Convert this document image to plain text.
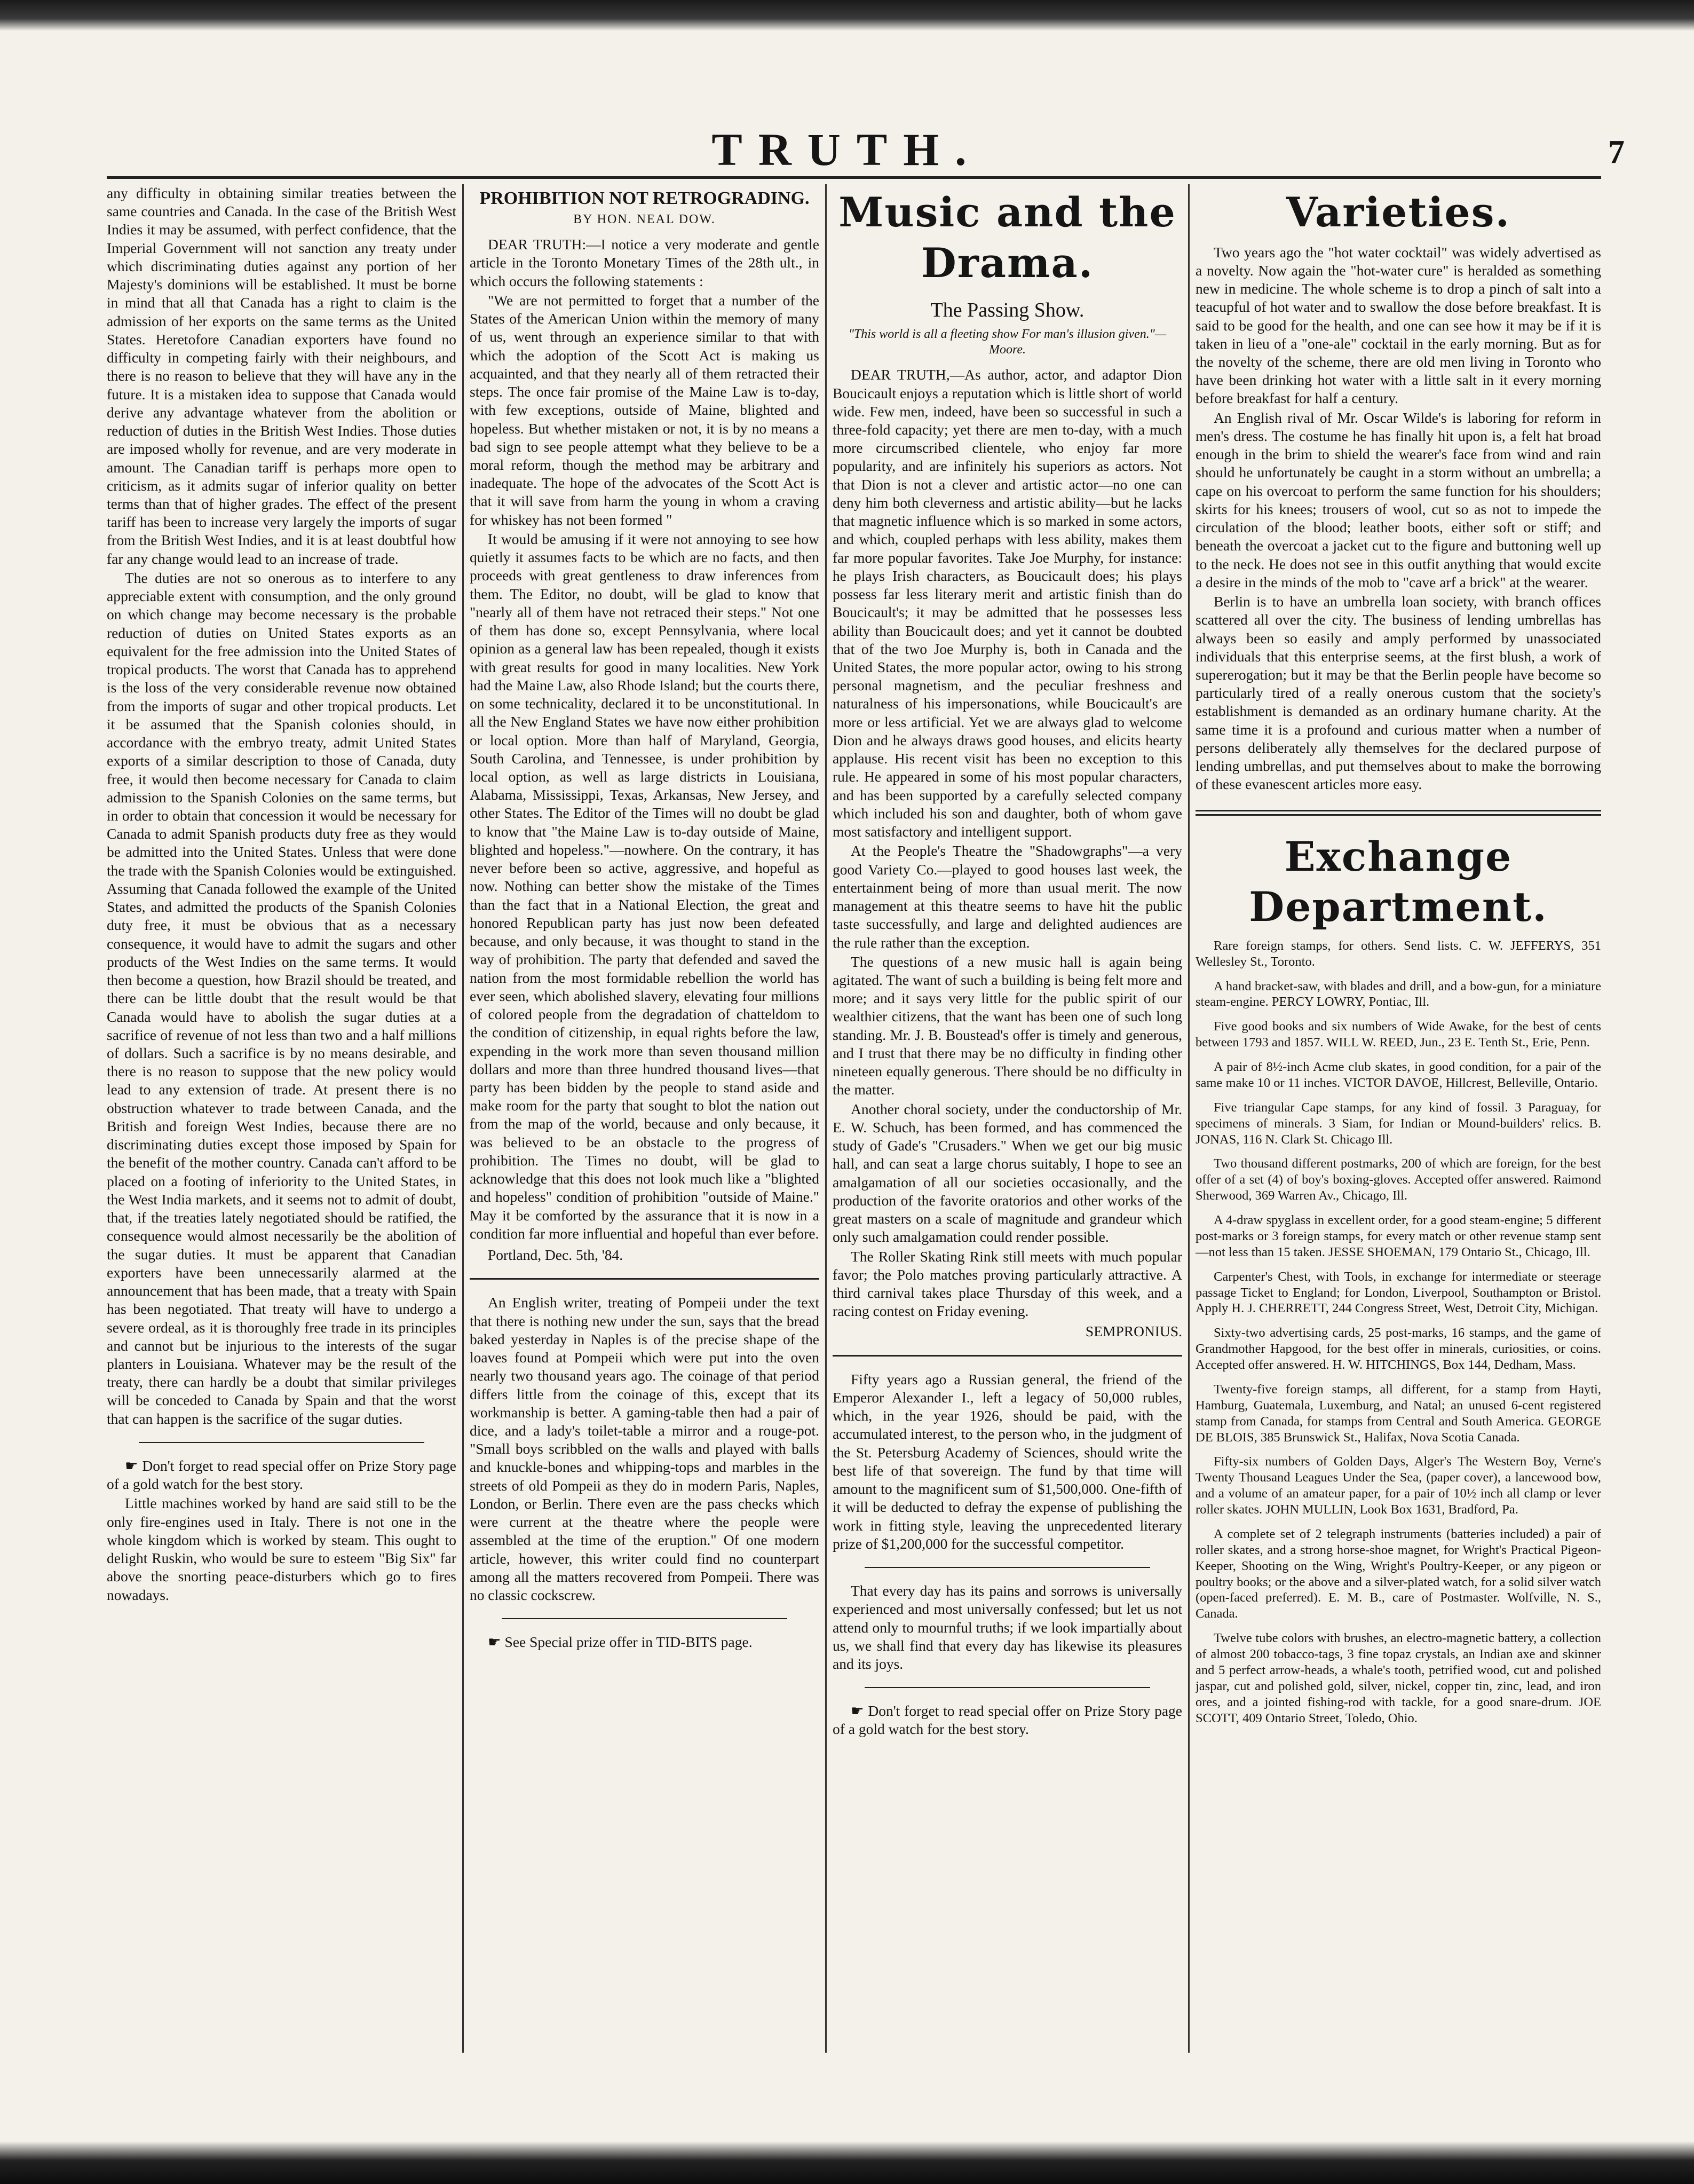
TRUTH.	7

any difficulty in obtaining similar treaties between the same countries and Canada. In the case of the British West Indies it may be assumed, with perfect confidence, that the Imperial Government will not sanction any treaty under which discriminating duties against any portion of her Majesty's dominions will be established. It must be borne in mind that all that Canada has a right to claim is the admission of her exports on the same terms as the United States. Heretofore Canadian exporters have found no difficulty in competing fairly with their neighbours, and there is no reason to believe that they will have any in the future. It is a mistaken idea to suppose that Canada would derive any advantage whatever from the abolition or reduction of duties in the British West Indies. Those duties are imposed wholly for revenue, and are very moderate in amount. The Canadian tariff is perhaps more open to criticism, as it admits sugar of inferior quality on better terms than that of higher grades. The effect of the present tariff has been to increase very largely the imports of sugar from the British West Indies, and it is at least doubtful how far any change would lead to an increase of trade.

The duties are not so onerous as to interfere to any appreciable extent with consumption, and the only ground on which change may become necessary is the probable reduction of duties on United States exports as an equivalent for the free admission into the United States of tropical products. The worst that Canada has to apprehend is the loss of the very considerable revenue now obtained from the imports of sugar and other tropical products. Let it be assumed that the Spanish colonies should, in accordance with the embryo treaty, admit United States exports of a similar description to those of Canada, duty free, it would then become necessary for Canada to claim admission to the Spanish Colonies on the same terms, but in order to obtain that concession it would be necessary for Canada to admit Spanish products duty free as they would be admitted into the United States. Unless that were done the trade with the Spanish Colonies would be extinguished. Assuming that Canada followed the example of the United States, and admitted the products of the Spanish Colonies duty free, it must be obvious that as a necessary consequence, it would have to admit the sugars and other products of the West Indies on the same terms. It would then become a question, how Brazil should be treated, and there can be little doubt that the result would be that Canada would have to abolish the sugar duties at a sacrifice of revenue of not less than two and a half millions of dollars. Such a sacrifice is by no means desirable, and there is no reason to suppose that the new policy would lead to any extension of trade. At present there is no obstruction whatever to trade between Canada, and the British and foreign West Indies, because there are no discriminating duties except those imposed by Spain for the benefit of the mother country. Canada can't afford to be placed on a footing of inferiority to the United States, in the West India markets, and it seems not to admit of doubt, that, if the treaties lately negotiated should be ratified, the consequence would almost necessarily be the abolition of the sugar duties. It must be apparent that Canadian exporters have been unnecessarily alarmed at the announcement that has been made, that a treaty with Spain has been negotiated. That treaty will have to undergo a severe ordeal, as it is thoroughly free trade in its principles and cannot but be injurious to the interests of the sugar planters in Louisiana. Whatever may be the result of the treaty, there can hardly be a doubt that similar privileges will be conceded to Canada by Spain and that the worst that can happen is the sacrifice of the sugar duties.

☛ Don't forget to read special offer on Prize Story page of a gold watch for the best story.

Little machines worked by hand are said still to be the only fire-engines used in Italy. There is not one in the whole kingdom which is worked by steam. This ought to delight Ruskin, who would be sure to esteem "Big Six" far above the snorting peace-disturbers which go to fires nowadays.

PROHIBITION NOT RETROGRADING.
BY HON. NEAL DOW.

DEAR TRUTH:—I notice a very moderate and gentle article in the Toronto Monetary Times of the 28th ult., in which occurs the following statements :

"We are not permitted to forget that a number of the States of the American Union within the memory of many of us, went through an experience similar to that with which the adoption of the Scott Act is making us acquainted, and that they nearly all of them retracted their steps. The once fair promise of the Maine Law is to-day, with few exceptions, outside of Maine, blighted and hopeless. But whether mistaken or not, it is by no means a bad sign to see people attempt what they believe to be a moral reform, though the method may be arbitrary and inadequate. The hope of the advocates of the Scott Act is that it will save from harm the young in whom a craving for whiskey has not been formed "

It would be amusing if it were not annoying to see how quietly it assumes facts to be which are no facts, and then proceeds with great gentleness to draw inferences from them. The Editor, no doubt, will be glad to know that "nearly all of them have not retraced their steps." Not one of them has done so, except Pennsylvania, where local opinion as a general law has been repealed, though it exists with great results for good in many localities. New York had the Maine Law, also Rhode Island; but the courts there, on some technicality, declared it to be unconstitutional. In all the New England States we have now either prohibition or local option. More than half of Maryland, Georgia, South Carolina, and Tennessee, is under prohibition by local option, as well as large districts in Louisiana, Alabama, Mississippi, Texas, Arkansas, New Jersey, and other States. The Editor of the Times will no doubt be glad to know that "the Maine Law is to-day outside of Maine, blighted and hopeless."—nowhere. On the contrary, it has never before been so active, aggressive, and hopeful as now. Nothing can better show the mistake of the Times than the fact that in a National Election, the great and honored Republican party has just now been defeated because, and only because, it was thought to stand in the way of prohibition. The party that defended and saved the nation from the most formidable rebellion the world has ever seen, which abolished slavery, elevating four millions of colored people from the degradation of chatteldom to the condition of citizenship, in equal rights before the law, expending in the work more than seven thousand million dollars and more than three hundred thousand lives—that party has been bidden by the people to stand aside and make room for the party that sought to blot the nation out from the map of the world, because and only because, it was believed to be an obstacle to the progress of prohibition. The Times no doubt, will be glad to acknowledge that this does not look much like a "blighted and hopeless" condition of prohibition "outside of Maine." May it be comforted by the assurance that it is now in a condition far more influential and hopeful than ever before.

Portland, Dec. 5th, '84.

An English writer, treating of Pompeii under the text that there is nothing new under the sun, says that the bread baked yesterday in Naples is of the precise shape of the loaves found at Pompeii which were put into the oven nearly two thousand years ago. The coinage of that period differs little from the coinage of this, except that its workmanship is better. A gaming-table then had a pair of dice, and a lady's toilet-table a mirror and a rouge-pot. "Small boys scribbled on the walls and played with balls and knuckle-bones and whipping-tops and marbles in the streets of old Pompeii as they do in modern Paris, Naples, London, or Berlin. There even are the pass checks which were current at the theatre where the people were assembled at the time of the eruption." Of one modern article, however, this writer could find no counterpart among all the matters recovered from Pompeii. There was no classic cockscrew.

☛ See Special prize offer in TID-BITS page.

Music and the Drama.
The Passing Show.
"This world is all a fleeting show For man's illusion given."—Moore.

DEAR TRUTH,—As author, actor, and adaptor Dion Boucicault enjoys a reputation which is little short of world wide. Few men, indeed, have been so successful in such a three-fold capacity; yet there are men to-day, with a much more circumscribed clientele, who enjoy far more popularity, and are infinitely his superiors as actors. Not that Dion is not a clever and artistic actor—no one can deny him both cleverness and artistic ability—but he lacks that magnetic influence which is so marked in some actors, and which, coupled perhaps with less ability, makes them far more popular favorites. Take Joe Murphy, for instance: he plays Irish characters, as Boucicault does; his plays possess far less literary merit and artistic finish than do Boucicault's; it may be admitted that he possesses less ability than Boucicault does; and yet it cannot be doubted that of the two Joe Murphy is, both in Canada and the United States, the more popular actor, owing to his strong personal magnetism, and the peculiar freshness and naturalness of his impersonations, while Boucicault's are more or less artificial. Yet we are always glad to welcome Dion and he always draws good houses, and elicits hearty applause. His recent visit has been no exception to this rule. He appeared in some of his most popular characters, and has been supported by a carefully selected company which included his son and daughter, both of whom gave most satisfactory and intelligent support.

At the People's Theatre the "Shadowgraphs"—a very good Variety Co.—played to good houses last week, the entertainment being of more than usual merit. The now management at this theatre seems to have hit the public taste successfully, and large and delighted audiences are the rule rather than the exception.

The questions of a new music hall is again being agitated. The want of such a building is being felt more and more; and it says very little for the public spirit of our wealthier citizens, that the want has been one of such long standing. Mr. J. B. Boustead's offer is timely and generous, and I trust that there may be no difficulty in finding other nineteen equally generous. There should be no difficulty in the matter.

Another choral society, under the conductorship of Mr. E. W. Schuch, has been formed, and has commenced the study of Gade's "Crusaders." When we get our big music hall, and can seat a large chorus suitably, I hope to see an amalgamation of all our societies occasionally, and the production of the favorite oratorios and other works of the great masters on a scale of magnitude and grandeur which only such amalgamation could render possible.

The Roller Skating Rink still meets with much popular favor; the Polo matches proving particularly attractive. A third carnival takes place Thursday of this week, and a racing contest on Friday evening.

SEMPRONIUS.

Fifty years ago a Russian general, the friend of the Emperor Alexander I., left a legacy of 50,000 rubles, which, in the year 1926, should be paid, with the accumulated interest, to the person who, in the judgment of the St. Petersburg Academy of Sciences, should write the best life of that sovereign. The fund by that time will amount to the magnificent sum of $1,500,000. One-fifth of it will be deducted to defray the expense of publishing the work in fitting style, leaving the unprecedented literary prize of $1,200,000 for the successful competitor.

That every day has its pains and sorrows is universally experienced and most universally confessed; but let us not attend only to mournful truths; if we look impartially about us, we shall find that every day has likewise its pleasures and its joys.

☛ Don't forget to read special offer on Prize Story page of a gold watch for the best story.

Varieties.

Two years ago the "hot water cocktail" was widely advertised as a novelty. Now again the "hot-water cure" is heralded as something new in medicine. The whole scheme is to drop a pinch of salt into a teacupful of hot water and to swallow the dose before breakfast. It is said to be good for the health, and one can see how it may be if it is taken in lieu of a "one-ale" cocktail in the early morning. But as for the novelty of the scheme, there are old men living in Toronto who have been drinking hot water with a little salt in it every morning before breakfast for half a century.

An English rival of Mr. Oscar Wilde's is laboring for reform in men's dress. The costume he has finally hit upon is, a felt hat broad enough in the brim to shield the wearer's face from wind and rain should he unfortunately be caught in a storm without an umbrella; a cape on his overcoat to perform the same function for his shoulders; skirts for his knees; trousers of wool, cut so as not to impede the circulation of the blood; leather boots, either soft or stiff; and beneath the overcoat a jacket cut to the figure and buttoning well up to the neck. He does not see in this outfit anything that would excite a desire in the minds of the mob to "cave arf a brick" at the wearer.

Berlin is to have an umbrella loan society, with branch offices scattered all over the city. The business of lending umbrellas has always been so easily and amply performed by unassociated individuals that this enterprise seems, at the first blush, a work of supererogation; but it may be that the Berlin people have become so particularly tired of a really onerous custom that the society's establishment is demanded as an ordinary humane charity. At the same time it is a profound and curious matter when a number of persons deliberately ally themselves for the declared purpose of lending umbrellas, and put themselves about to make the borrowing of these evanescent articles more easy.

Exchange Department.

Rare foreign stamps, for others. Send lists. C. W. JEFFERYS, 351 Wellesley St., Toronto.

A hand bracket-saw, with blades and drill, and a bow-gun, for a miniature steam-engine. PERCY LOWRY, Pontiac, Ill.

Five good books and six numbers of Wide Awake, for the best of cents between 1793 and 1857. WILL W. REED, Jun., 23 E. Tenth St., Erie, Penn.

A pair of 8½-inch Acme club skates, in good condition, for a pair of the same make 10 or 11 inches. VICTOR DAVOE, Hillcrest, Belleville, Ontario.

Five triangular Cape stamps, for any kind of fossil. 3 Paraguay, for specimens of minerals. 3 Siam, for Indian or Mound-builders' relics. B. JONAS, 116 N. Clark St. Chicago Ill.

Two thousand different postmarks, 200 of which are foreign, for the best offer of a set (4) of boy's boxing-gloves. Accepted offer answered. Raimond Sherwood, 369 Warren Av., Chicago, Ill.

A 4-draw spyglass in excellent order, for a good steam-engine; 5 different post-marks or 3 foreign stamps, for every match or other revenue stamp sent—not less than 15 taken. JESSE SHOEMAN, 179 Ontario St., Chicago, Ill.

Carpenter's Chest, with Tools, in exchange for intermediate or steerage passage Ticket to England; for London, Liverpool, Southampton or Bristol. Apply H. J. CHERRETT, 244 Congress Street, West, Detroit City, Michigan.

Sixty-two advertising cards, 25 post-marks, 16 stamps, and the game of Grandmother Hapgood, for the best offer in minerals, curiosities, or coins. Accepted offer answered. H. W. HITCHINGS, Box 144, Dedham, Mass.

Twenty-five foreign stamps, all different, for a stamp from Hayti, Hamburg, Guatemala, Luxemburg, and Natal; an unused 6-cent registered stamp from Canada, for stamps from Central and South America. GEORGE DE BLOIS, 385 Brunswick St., Halifax, Nova Scotia Canada.

Fifty-six numbers of Golden Days, Alger's The Western Boy, Verne's Twenty Thousand Leagues Under the Sea, (paper cover), a lancewood bow, and a volume of an amateur paper, for a pair of 10½ inch all clamp or lever roller skates. JOHN MULLIN, Look Box 1631, Bradford, Pa.

A complete set of 2 telegraph instruments (batteries included) a pair of roller skates, and a strong horse-shoe magnet, for Wright's Practical Pigeon-Keeper, Shooting on the Wing, Wright's Poultry-Keeper, or any pigeon or poultry books; or the above and a silver-plated watch, for a solid silver watch (open-faced preferred). E. M. B., care of Postmaster. Wolfville, N. S., Canada.

Twelve tube colors with brushes, an electro-magnetic battery, a collection of almost 200 tobacco-tags, 3 fine topaz crystals, an Indian axe and skinner and 5 perfect arrow-heads, a whale's tooth, petrified wood, cut and polished jaspar, cut and polished gold, silver, nickel, copper tin, zinc, lead, and iron ores, and a jointed fishing-rod with tackle, for a good snare-drum. JOE SCOTT, 409 Ontario Street, Toledo, Ohio.
